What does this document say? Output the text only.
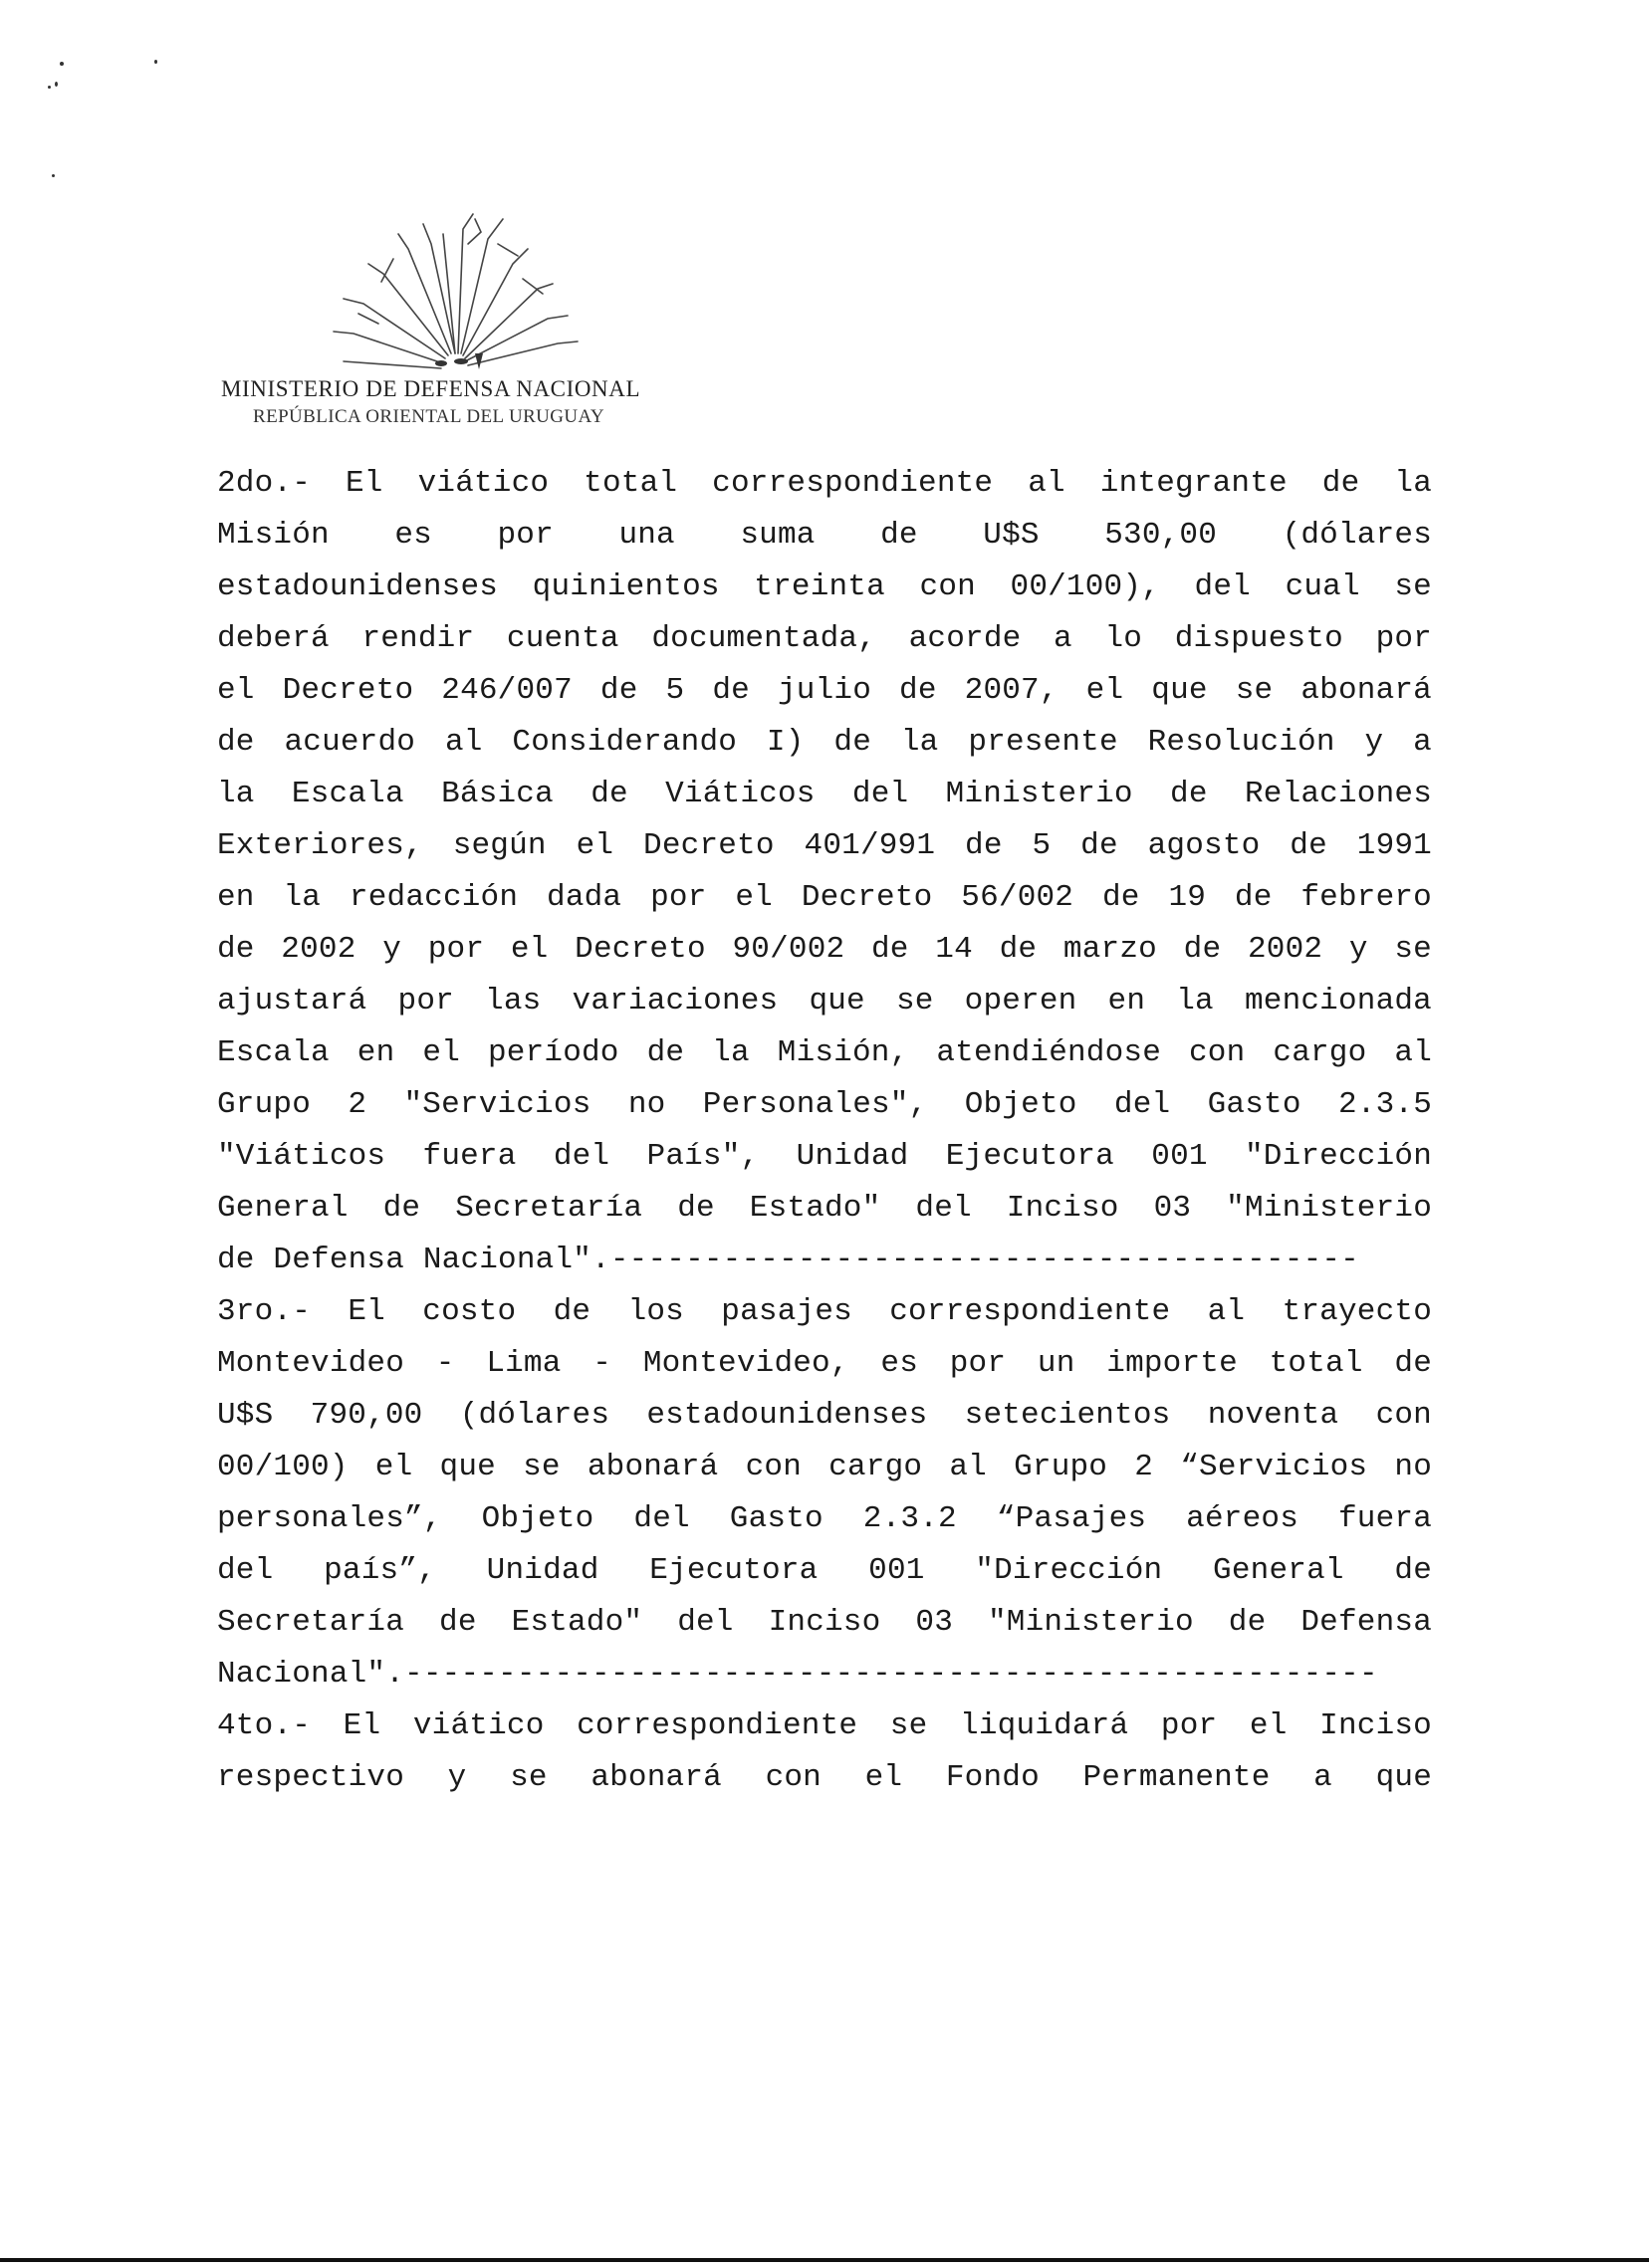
MINISTERIO DE DEFENSA NACIONAL
REPÚBLICA ORIENTAL DEL URUGUAY
2do.- El viático total correspondiente al integrante de la
Misión es por una suma de U$S 530,00 (dólares
estadounidenses quinientos treinta con 00/100), del cual se
deberá rendir cuenta documentada, acorde a lo dispuesto por
el Decreto 246/007 de 5 de julio de 2007, el que se abonará
de acuerdo al Considerando I) de la presente Resolución y a
la Escala Básica de Viáticos del Ministerio de Relaciones
Exteriores, según el Decreto 401/991 de 5 de agosto de 1991
en la redacción dada por el Decreto 56/002 de 19 de febrero
de 2002 y por el Decreto 90/002 de 14 de marzo de 2002 y se
ajustará por las variaciones que se operen en la mencionada
Escala en el período de la Misión, atendiéndose con cargo al
Grupo 2 "Servicios no Personales", Objeto del Gasto 2.3.5
"Viáticos fuera del País", Unidad Ejecutora 001 "Dirección
General de Secretaría de Estado" del Inciso 03 "Ministerio
de Defensa Nacional".----------------------------------------
3ro.- El costo de los pasajes correspondiente al trayecto
Montevideo - Lima - Montevideo, es por un importe total de
U$S 790,00 (dólares estadounidenses setecientos noventa con
00/100) el que se abonará con cargo al Grupo 2 “Servicios no
personales”, Objeto del Gasto 2.3.2 “Pasajes aéreos fuera
del país”, Unidad Ejecutora 001 "Dirección General de
Secretaría de Estado" del Inciso 03 "Ministerio de Defensa
Nacional".----------------------------------------------------
4to.- El viático correspondiente se liquidará por el Inciso
respectivo y se abonará con el Fondo Permanente a que
